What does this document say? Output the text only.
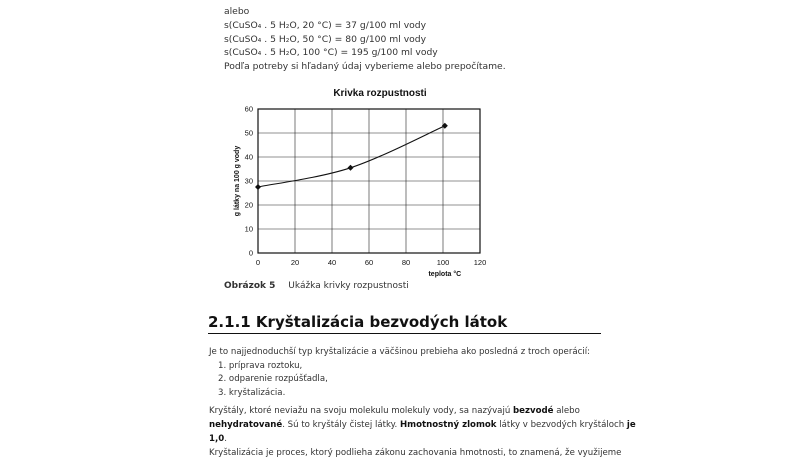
alebo
s(CuSO₄ . 5 H₂O, 20 °C) = 37 g/100 ml vody
s(CuSO₄ . 5 H₂O, 50 °C) = 80 g/100 ml vody
s(CuSO₄ . 5 H₂O, 100 °C) = 195 g/100 ml vody
Podľa potreby si hľadaný údaj vyberieme alebo prepočítame.
Krivka rozpustnosti
0	20	40	60	80	100	120
0
10
20
30
40
50
60
teplota °C
g látky na 100 g vody
Obrázok 5 Ukážka krivky rozpustnosti
2.1.1 Kryštalizácia bezvodých látok
Je to najjednoduchší typ kryštalizácie a väčšinou prebieha ako posledná z troch operácií:
1. príprava roztoku,
2. odparenie rozpúšťadla,
3. kryštalizácia.
Kryštály, ktoré neviažu na svoju molekulu molekuly vody, sa nazývajú bezvodé alebo
nehydratované. Sú to kryštály čistej látky. Hmotnostný zlomok látky v bezvodých kryštáloch je
1,0.
Kryštalizácia je proces, ktorý podlieha zákonu zachovania hmotnosti, to znamená, že využijeme
